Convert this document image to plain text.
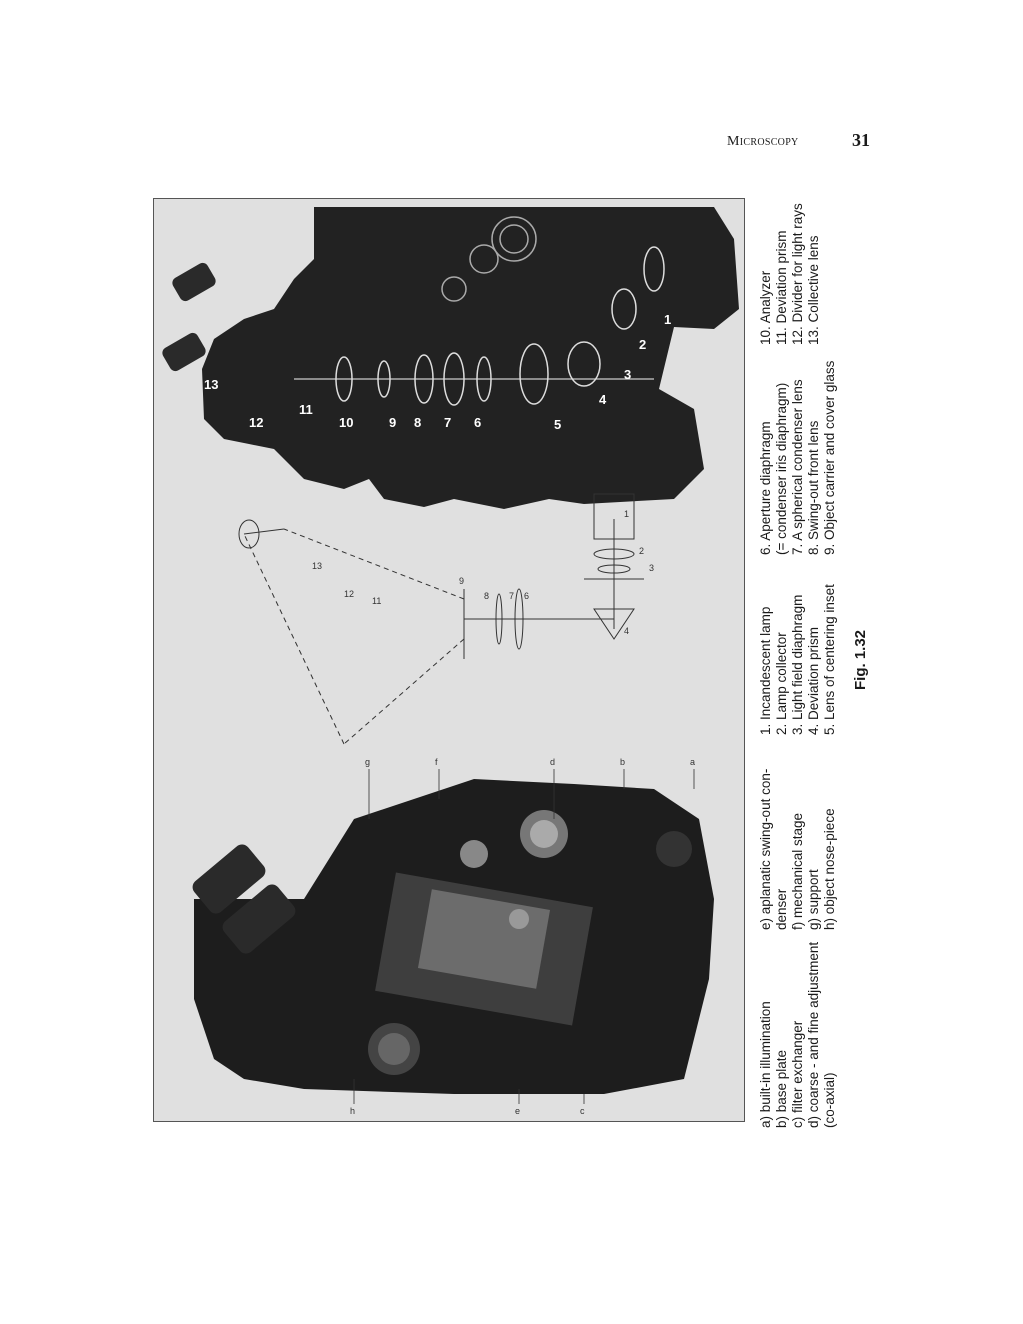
Microscopy	31
1
2
3
4
5
6
7
8
9
10
11
12
13
1
2
3
4
6
7
8
9
11
12
13
a
b
d
f
g
e	c
h	a) built-in illumination b) base plate c) filter exchanger d) coarse - and fine adjustment (co-axial)
e) aplanatic swing-out con- denser f) mechanical stage g) support h) object nose-piece
1. Incandescent lamp 2. Lamp collector 3. Light field diaphragm 4. Deviation prism 5. Lens of centering inset
6. Aperture diaphragm (= condenser iris diaphragm) 7. A spherical condenser lens 8. Swing-out front lens 9. Object carrier and cover glass
10. Analyzer 11. Deviation prism 12. Divider for light rays 13. Collective lens
Fig. 1.32
